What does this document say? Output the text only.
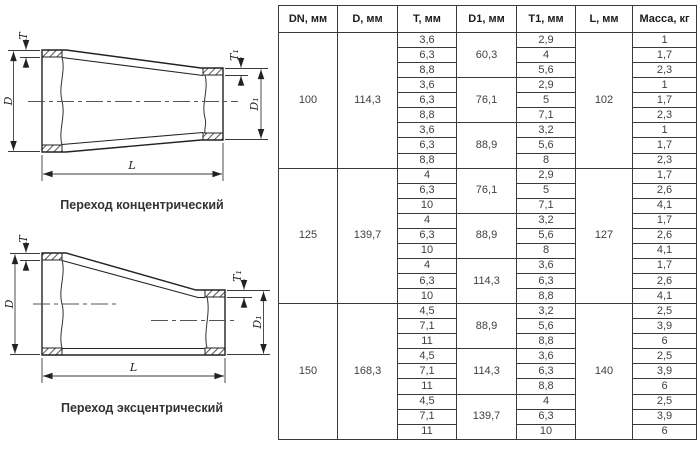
D
T
T₁
D₁
L
Переход концентрический
D
T
T₁
D₁
L
Переход эксцентрический
DN, мм	D, мм	T, мм	D1, мм	T1, мм	L, мм	Масса, кг
100	114,3	3,6	60,3	2,9	102	1
		6,3		4		1,7
		8,8		5,6		2,3
		3,6	76,1	2,9		1
		6,3		5		1,7
		8,8		7,1		2,3
		3,6	88,9	3,2		1
		6,3		5,6		1,7
		8,8		8		2,3
125	139,7	4	76,1	2,9	127	1,7
		6,3		5		2,6
		10		7,1		4,1
		4	88,9	3,2		1,7
		6,3		5,6		2,6
		10		8		4,1
		4	114,3	3,6		1,7
		6,3		6,3		2,6
		10		8,8		4,1
150	168,3	4,5	88,9	3,2	140	2,5
		7,1		5,6		3,9
		11		8,8		6
		4,5	114,3	3,6		2,5
		7,1		6,3		3,9
		11		8,8		6
		4,5	139,7	4		2,5
		7,1		6,3		3,9
		11		10		6
